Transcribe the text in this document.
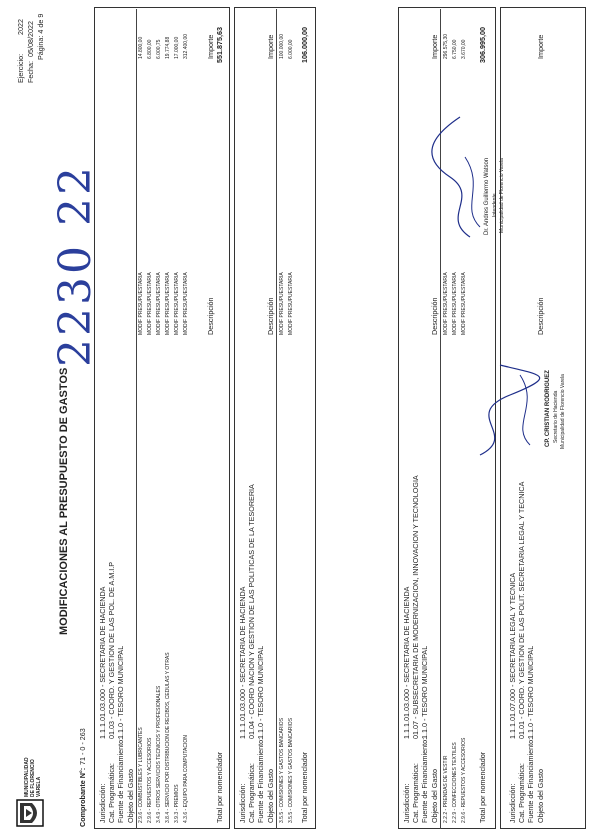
MUNICIPALIDAD DE FLORENCIO VARELA
Ejercicio:
2022
Fecha:
05/08/2022 Página: 4 de 9
MODIFICACIONES AL PRESUPUESTO DE GASTOS
Comprobante N°:
71 - 0 - 263
2230 22
Jurisdicción:
1.1.1.01.03.000 - SECRETARIA DE HACIENDA
Cat. Programática:
01.03 - COORD. Y GESTION DE LAS POL. DE A.M.I.P
Fuente de Financiamiento:
1.1.0 - TESORO MUNICIPAL
Objeto del Gasto
Descripción
Importe
2.9.6 - COMBUSTIBLES Y LUBRICANTES
MODIF PRESUPUESTARIA
14.800,00
2.9.6 - REPUESTOS Y ACCESORIOS
MODIF PRESUPUESTARIA
6.800,00
3.4.9 - OTROS SERVICIOS TECNICOS Y PROFESIONALES
MODIF PRESUPUESTARIA
6.000,75
3.8.4 - SERVICIO POR DISTRIBUCION DE RECIBOS, CEDULAS Y OTRAS
MODIF PRESUPUESTARIA
19.774,88
3.9.3 - PREMIOS
MODIF PRESUPUESTARIA
17.000,00
4.3.6 - EQUIPO PARA COMPUTACION
MODIF PRESUPUESTARIA
312.400,00
Total por nomenclador
551.875,63
Jurisdicción:
1.1.1.01.03.000 - SECRETARIA DE HACIENDA
Cat. Programática:
01.04 - COORD NACION Y GESTION DE LAS POLITICAS DE LA TESORERIA
Fuente de Financiamiento:
1.1.0 - TESORO MUNICIPAL
Objeto del Gasto
Descripción
Importe
3.5.5 - COMISIONES Y GASTOS BANCARIOS
MODIF PRESUPUESTARIA
100.000,00
3.5.5 - COMISIONES Y GASTOS BANCARIOS
MODIF PRESUPUESTARIA
6.000,00
Total por nomenclador
106.000,00
Jurisdicción:
1.1.1.01.03.000 - SECRETARIA DE HACIENDA
Cat. Programática:
01.07 - SUBSECRETARIA DE MODERNIZACION, INNOVACION Y TECNOLOGIA
Fuente de Financiamiento:
1.1.0 - TESORO MUNICIPAL
Objeto del Gasto
Descripción
Importe
2.2.2 - PRENDAS DE VESTIR
MODIF PRESUPUESTARIA
296.575,30
2.2.9 - CONFECCIONES TEXTILES
MODIF PRESUPUESTARIA
6.750,00
2.9.6 - REPUESTOS Y ACCESORIOS
MODIF PRESUPUESTARIA
3.670,00
Total por nomenclador
306.995,00
Jurisdicción:
1.1.1.01.07.000 - SECRETARIA LEGAL Y TECNICA
Cat. Programática:
01.01 - COORD. Y GESTION DE LAS POLIT. SECRETARIA LEGAL Y TECNICA
Fuente de Financiamiento:
1.1.0 - TESORO MUNICIPAL
Objeto del Gasto
Descripción
Importe
Dr. Andres Guillermo Watson Intendente Municipalidad de Florencio Varela
CP. CRISTIAN RODRIGUEZ Secretario de Hacienda Municipalidad de Florencio Varela
